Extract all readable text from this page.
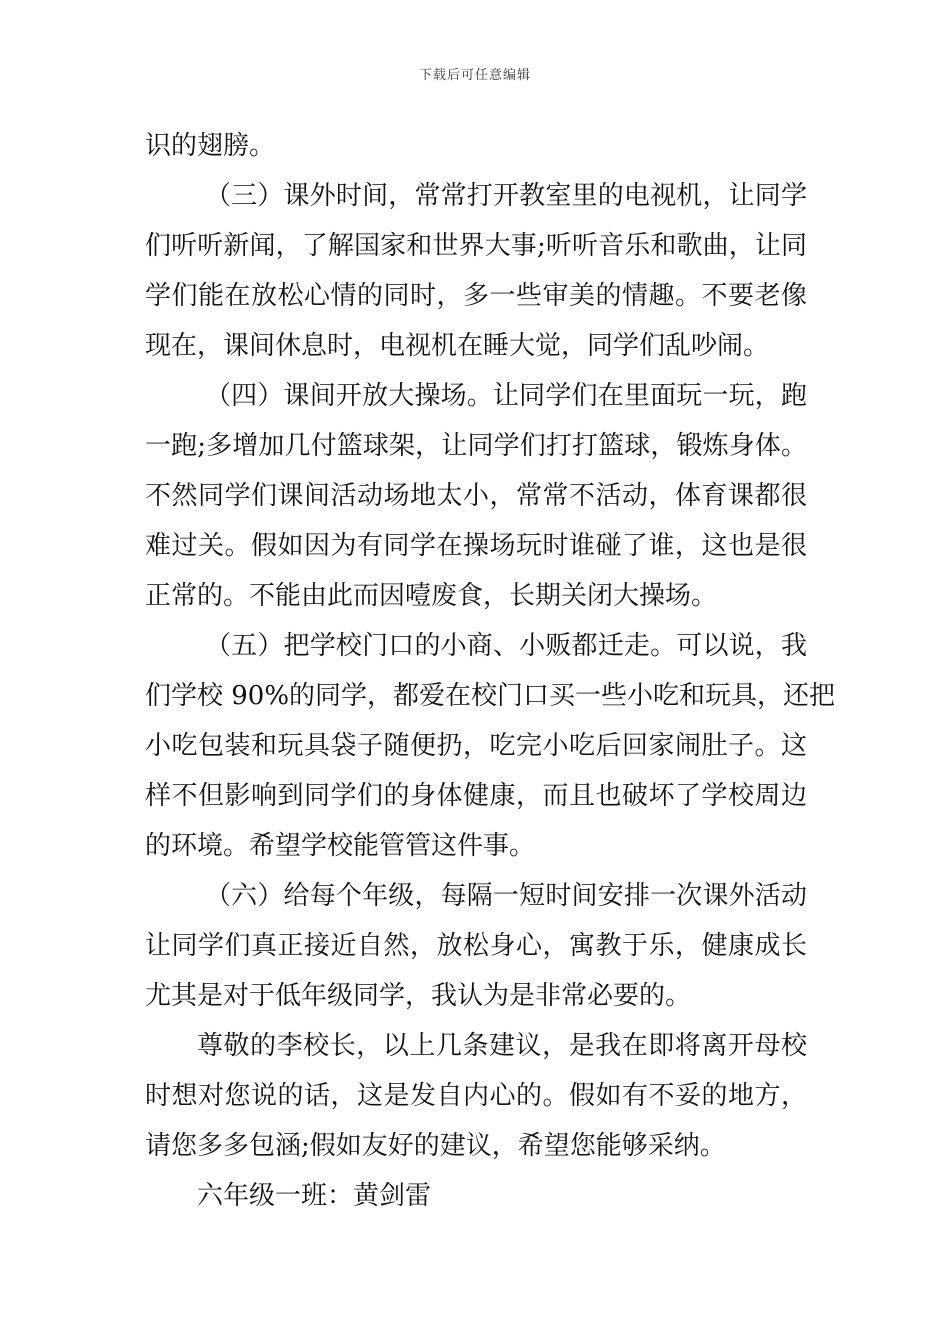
下载后可任意编辑
识的翅膀。
（三）课外时间，常常打开教室里的电视机，让同学
们听听新闻，了解国家和世界大事;听听音乐和歌曲，让同
学们能在放松心情的同时，多一些审美的情趣。不要老像
现在，课间休息时，电视机在睡大觉，同学们乱吵闹。
（四）课间开放大操场。让同学们在里面玩一玩，跑
一跑;多增加几付篮球架，让同学们打打篮球，锻炼身体。
不然同学们课间活动场地太小，常常不活动，体育课都很
难过关。假如因为有同学在操场玩时谁碰了谁，这也是很
正常的。不能由此而因噎废食，长期关闭大操场。
（五）把学校门口的小商、小贩都迁走。可以说，我
们学校 90%的同学，都爱在校门口买一些小吃和玩具，还把
小吃包装和玩具袋子随便扔，吃完小吃后回家闹肚子。这
样不但影响到同学们的身体健康，而且也破坏了学校周边
的环境。希望学校能管管这件事。
（六）给每个年级，每隔一短时间安排一次课外活动
让同学们真正接近自然，放松身心，寓教于乐，健康成长
尤其是对于低年级同学，我认为是非常必要的。
尊敬的李校长，以上几条建议，是我在即将离开母校
时想对您说的话，这是发自内心的。假如有不妥的地方，
请您多多包涵;假如友好的建议，希望您能够采纳。
六年级一班：黄剑雷
